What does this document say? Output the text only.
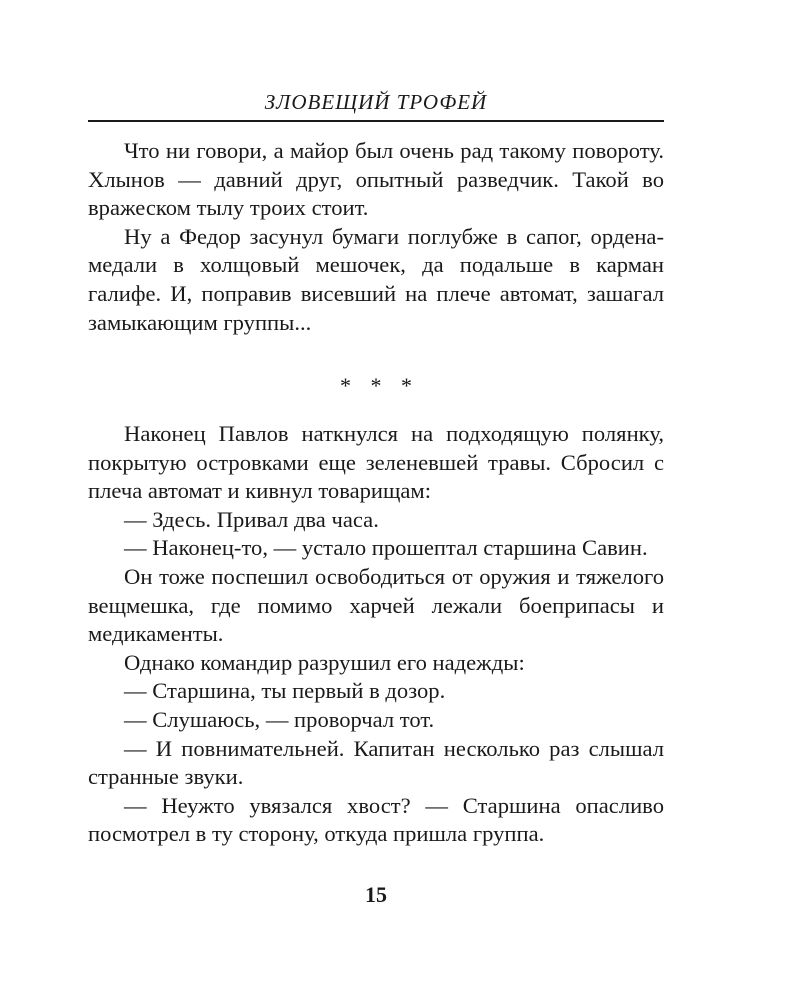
ЗЛОВЕЩИЙ ТРОФЕЙ

Что ни говори, а майор был очень рад такому повороту. Хлынов — давний друг, опытный разведчик. Такой во вражеском тылу троих стоит.

Ну а Федор засунул бумаги поглубже в сапог, ордена-медали в холщовый мешочек, да подальше в карман галифе. И, поправив висевший на плече автомат, зашагал замыкающим группы...

* * *

Наконец Павлов наткнулся на подходящую полянку, покрытую островками еще зеленевшей травы. Сбросил с плеча автомат и кивнул товарищам:

— Здесь. Привал два часа.

— Наконец-то, — устало прошептал старшина Савин.

Он тоже поспешил освободиться от оружия и тяжелого вещмешка, где помимо харчей лежали боеприпасы и медикаменты.

Однако командир разрушил его надежды:

— Старшина, ты первый в дозор.

— Слушаюсь, — проворчал тот.

— И повнимательней. Капитан несколько раз слышал странные звуки.

— Неужто увязался хвост? — Старшина опасливо посмотрел в ту сторону, откуда пришла группа.

15
